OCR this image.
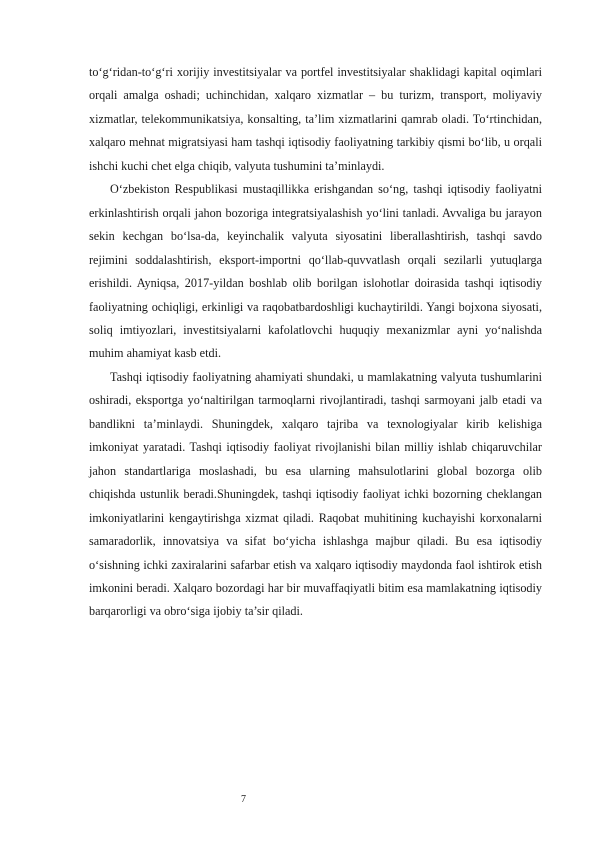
to‘g‘ridan-to‘g‘ri xorijiy investitsiyalar va portfel investitsiyalar shaklidagi kapital oqimlari orqali amalga oshadi; uchinchidan, xalqaro xizmatlar – bu turizm, transport, moliyaviy xizmatlar, telekommunikatsiya, konsalting, ta’lim xizmatlarini qamrab oladi. To‘rtinchidan, xalqaro mehnat migratsiyasi ham tashqi iqtisodiy faoliyatning tarkibiy qismi bo‘lib, u orqali ishchi kuchi chet elga chiqib, valyuta tushumini ta’minlaydi.

O‘zbekiston Respublikasi mustaqillikka erishgandan so‘ng, tashqi iqtisodiy faoliyatni erkinlashtirish orqali jahon bozoriga integratsiyalashish yo‘lini tanladi. Avvaliga bu jarayon sekin kechgan bo‘lsa-da, keyinchalik valyuta siyosatini liberallashtirish, tashqi savdo rejimini soddalashtirish, eksport-importni qo‘llab-quvvatlash orqali sezilarli yutuqlarga erishildi. Ayniqsa, 2017-yildan boshlab olib borilgan islohotlar doirasida tashqi iqtisodiy faoliyatning ochiqligi, erkinligi va raqobatbardoshligi kuchaytirildi. Yangi bojxona siyosati, soliq imtiyozlari, investitsiyalarni kafolatlovchi huquqiy mexanizmlar ayni yo‘nalishda muhim ahamiyat kasb etdi.

Tashqi iqtisodiy faoliyatning ahamiyati shundaki, u mamlakatning valyuta tushumlarini oshiradi, eksportga yo‘naltirilgan tarmoqlarni rivojlantiradi, tashqi sarmoyani jalb etadi va bandlikni ta’minlaydi. Shuningdek, xalqaro tajriba va texnologiyalar kirib kelishiga imkoniyat yaratadi. Tashqi iqtisodiy faoliyat rivojlanishi bilan milliy ishlab chiqaruvchilar jahon standartlariga moslashadi, bu esa ularning mahsulotlarini global bozorga olib chiqishda ustunlik beradi.Shuningdek, tashqi iqtisodiy faoliyat ichki bozorning cheklangan imkoniyatlarini kengaytirishga xizmat qiladi. Raqobat muhitining kuchayishi korxonalarni samaradorlik, innovatsiya va sifat bo‘yicha ishlashga majbur qiladi. Bu esa iqtisodiy o‘sishning ichki zaxiralarini safarbar etish va xalqaro iqtisodiy maydonda faol ishtirok etish imkonini beradi. Xalqaro bozordagi har bir muvaffaqiyatli bitim esa mamlakatning iqtisodiy barqarorligi va obro‘siga ijobiy ta’sir qiladi.

7
